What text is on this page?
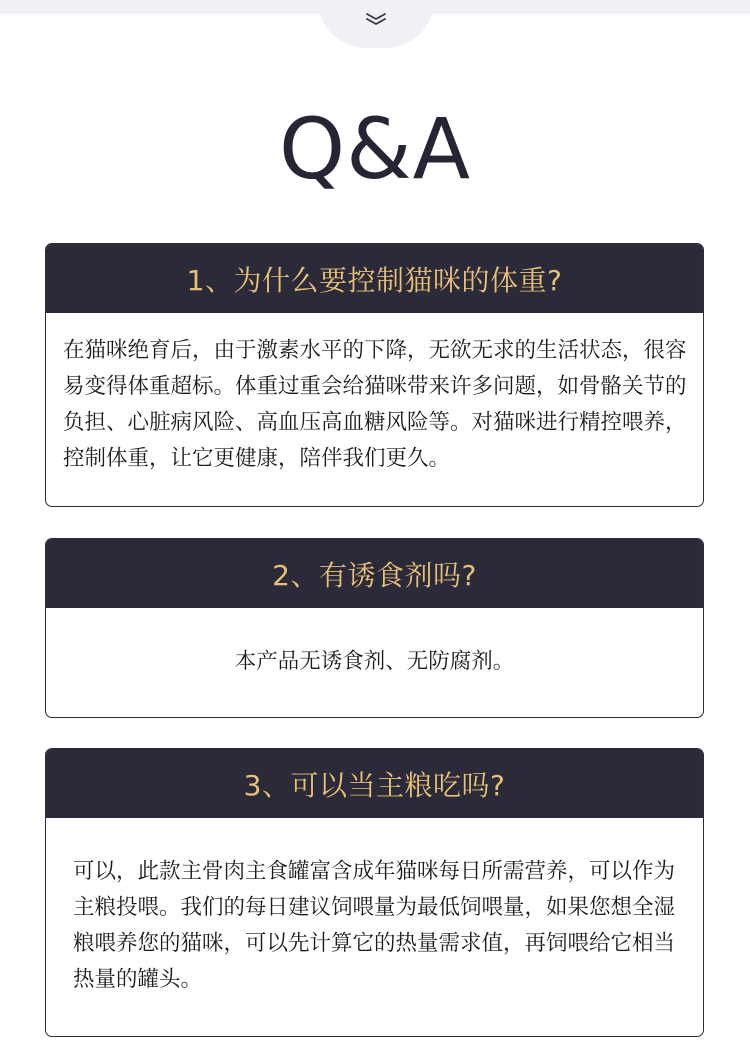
Q&A
1、为什么要控制猫咪的体重?

在猫咪绝育后，由于激素水平的下降，无欲无求的生活状态，很容易变得体重超标。体重过重会给猫咪带来许多问题，如骨骼关节的负担、心脏病风险、高血压高血糖风险等。对猫咪进行精控喂养，控制体重，让它更健康，陪伴我们更久。

2、有诱食剂吗?

本产品无诱食剂、无防腐剂。

3、可以当主粮吃吗?

可以，此款主骨肉主食罐富含成年猫咪每日所需营养，可以作为主粮投喂。我们的每日建议饲喂量为最低饲喂量，如果您想全湿粮喂养您的猫咪，可以先计算它的热量需求值，再饲喂给它相当热量的罐头。
